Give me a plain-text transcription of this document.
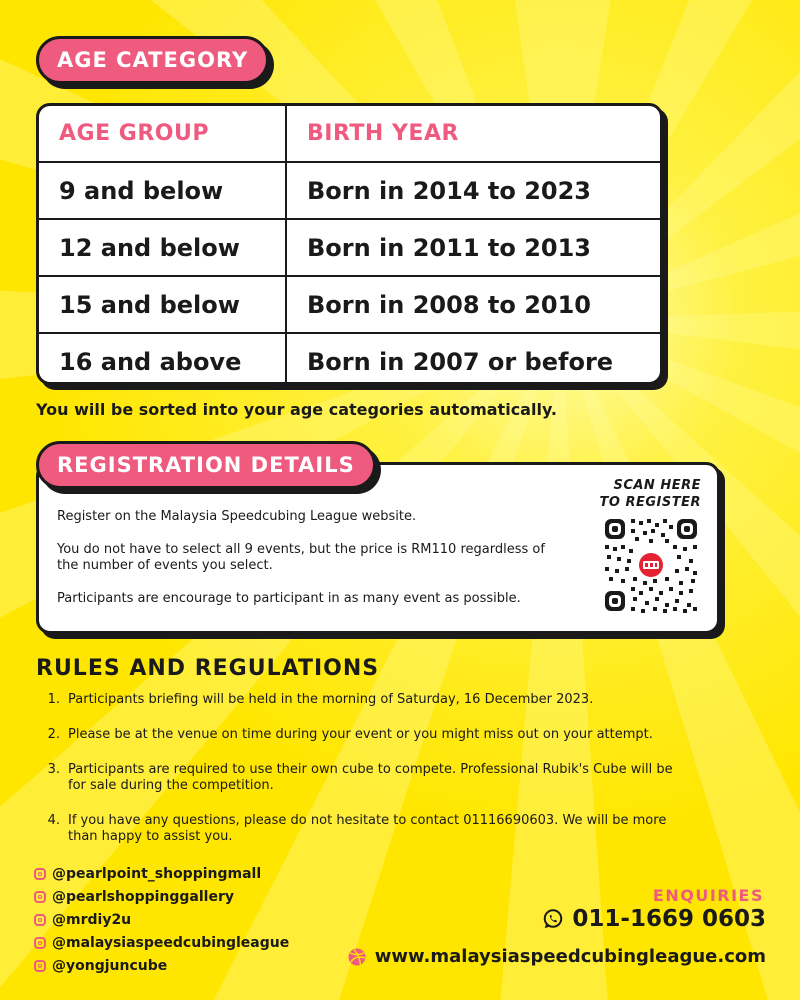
AGE CATEGORY
AGE GROUP	BIRTH YEAR
9 and below	Born in 2014 to 2023
12 and below	Born in 2011 to 2013
15 and below	Born in 2008 to 2010
16 and above	Born in 2007 or before
You will be sorted into your age categories automatically.

Register on the Malaysia Speedcubing League website.

You do not have to select all 9 events, but the price is RM110 regardless of the number of events you select.

Participants are encourage to participant in as many event as possible.

SCAN HERE
TO REGISTER
REGISTRATION DETAILS
RULES AND REGULATIONS
1. Participants briefing will be held in the morning of Saturday, 16 December 2023.
2. Please be at the venue on time during your event or you might miss out on your attempt.
3. Participants are required to use their own cube to compete. Professional Rubik's Cube will be for sale during the competition.
4. If you have any questions, please do not hesitate to contact 01116690603. We will be more than happy to assist you.
@pearlpoint_shoppingmall
@pearlshoppinggallery
@mrdiy2u
@malaysiaspeedcubingleague
@yongjuncube
ENQUIRIES
011-1669 0603
www.malaysiaspeedcubingleague.com
